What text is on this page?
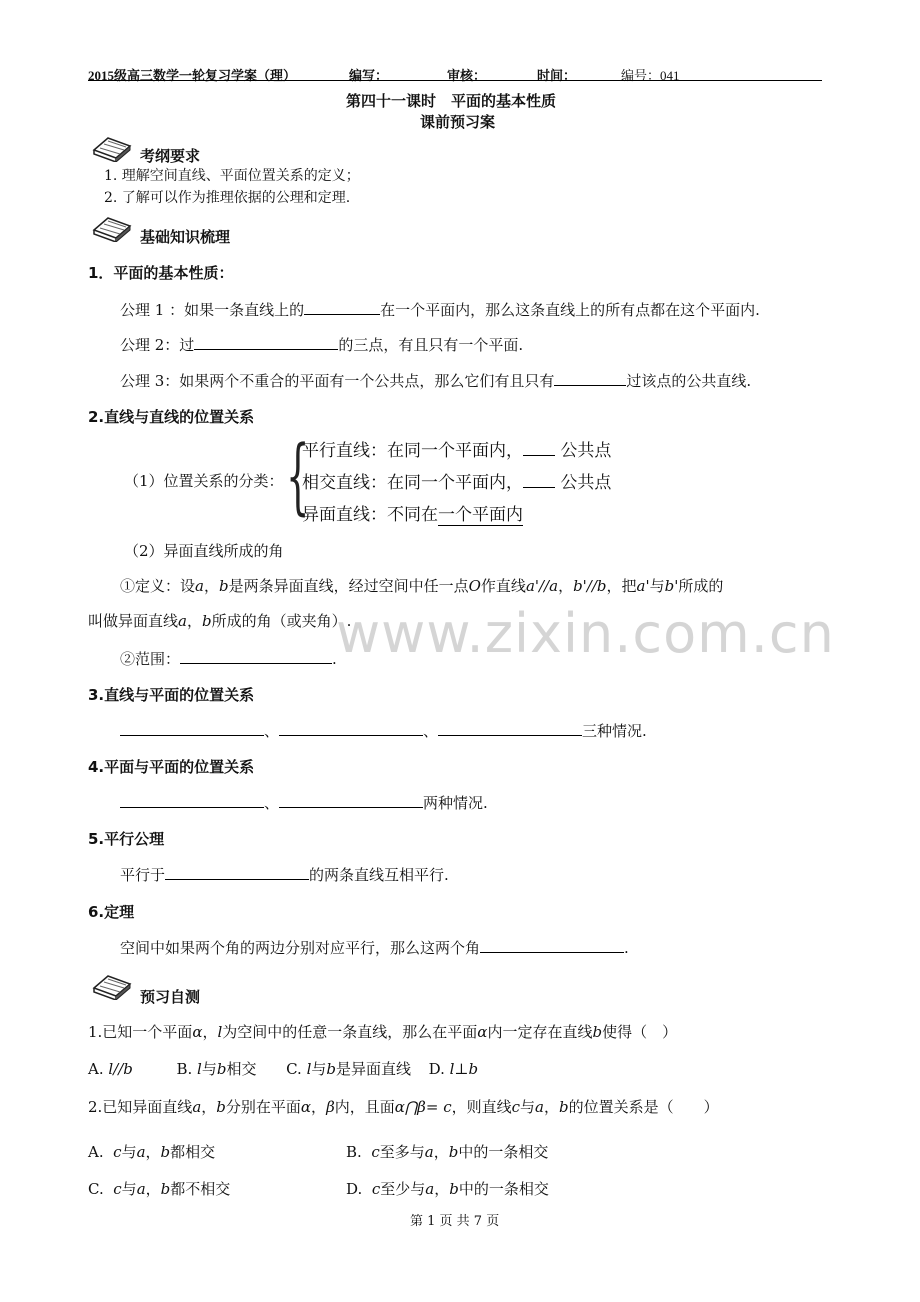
2015级高三数学一轮复习学案（理）	编写：	审核：	时间：	编号：041
第四十一课时　平面的基本性质
课前预习案
www.zixin.com.cn
考纲要求
1. 理解空间直线、平面位置关系的定义；
2. 了解可以作为推理依据的公理和定理.
基础知识梳理
1．平面的基本性质：
公理 1 ：如果一条直线上的	在一个平面内，那么这条直线上的所有点都在这个平面内.
公理 2：过	的三点，有且只有一个平面.
公理 3：如果两个不重合的平面有一个公共点，那么它们有且只有	过该点的公共直线.
2.直线与直线的位置关系
（1）位置关系的分类： {
平行直线：在同一个平面内， 公共点
相交直线：在同一个平面内， 公共点
异面直线：不同在一个平面内
（2）异面直线所成的角
①定义：设a，b是两条异面直线，经过空间中任一点O作直线a'//a，b'//b，把a'与b'所成的
叫做异面直线a，b所成的角（或夹角）.
②范围：	.
3.直线与平面的位置关系
、	、	三种情况.
4.平面与平面的位置关系
、	两种情况.
5.平行公理
平行于	的两条直线互相平行.
6.定理
空间中如果两个角的两边分别对应平行，那么这两个角	.
预习自测
1.已知一个平面α，l为空间中的任意一条直线，那么在平面α内一定存在直线b使得（　）
A. l//b	B. l与b相交 C. l与b是异面直线 D. l⊥b
2.已知异面直线a，b分别在平面α，β内，且面α⋂β= c，则直线c与a，b的位置关系是（　　）
A. c与a，b都相交	B. c至多与a，b中的一条相交
C. c与a，b都不相交	D. c至少与a，b中的一条相交
第 1 页 共 7 页
